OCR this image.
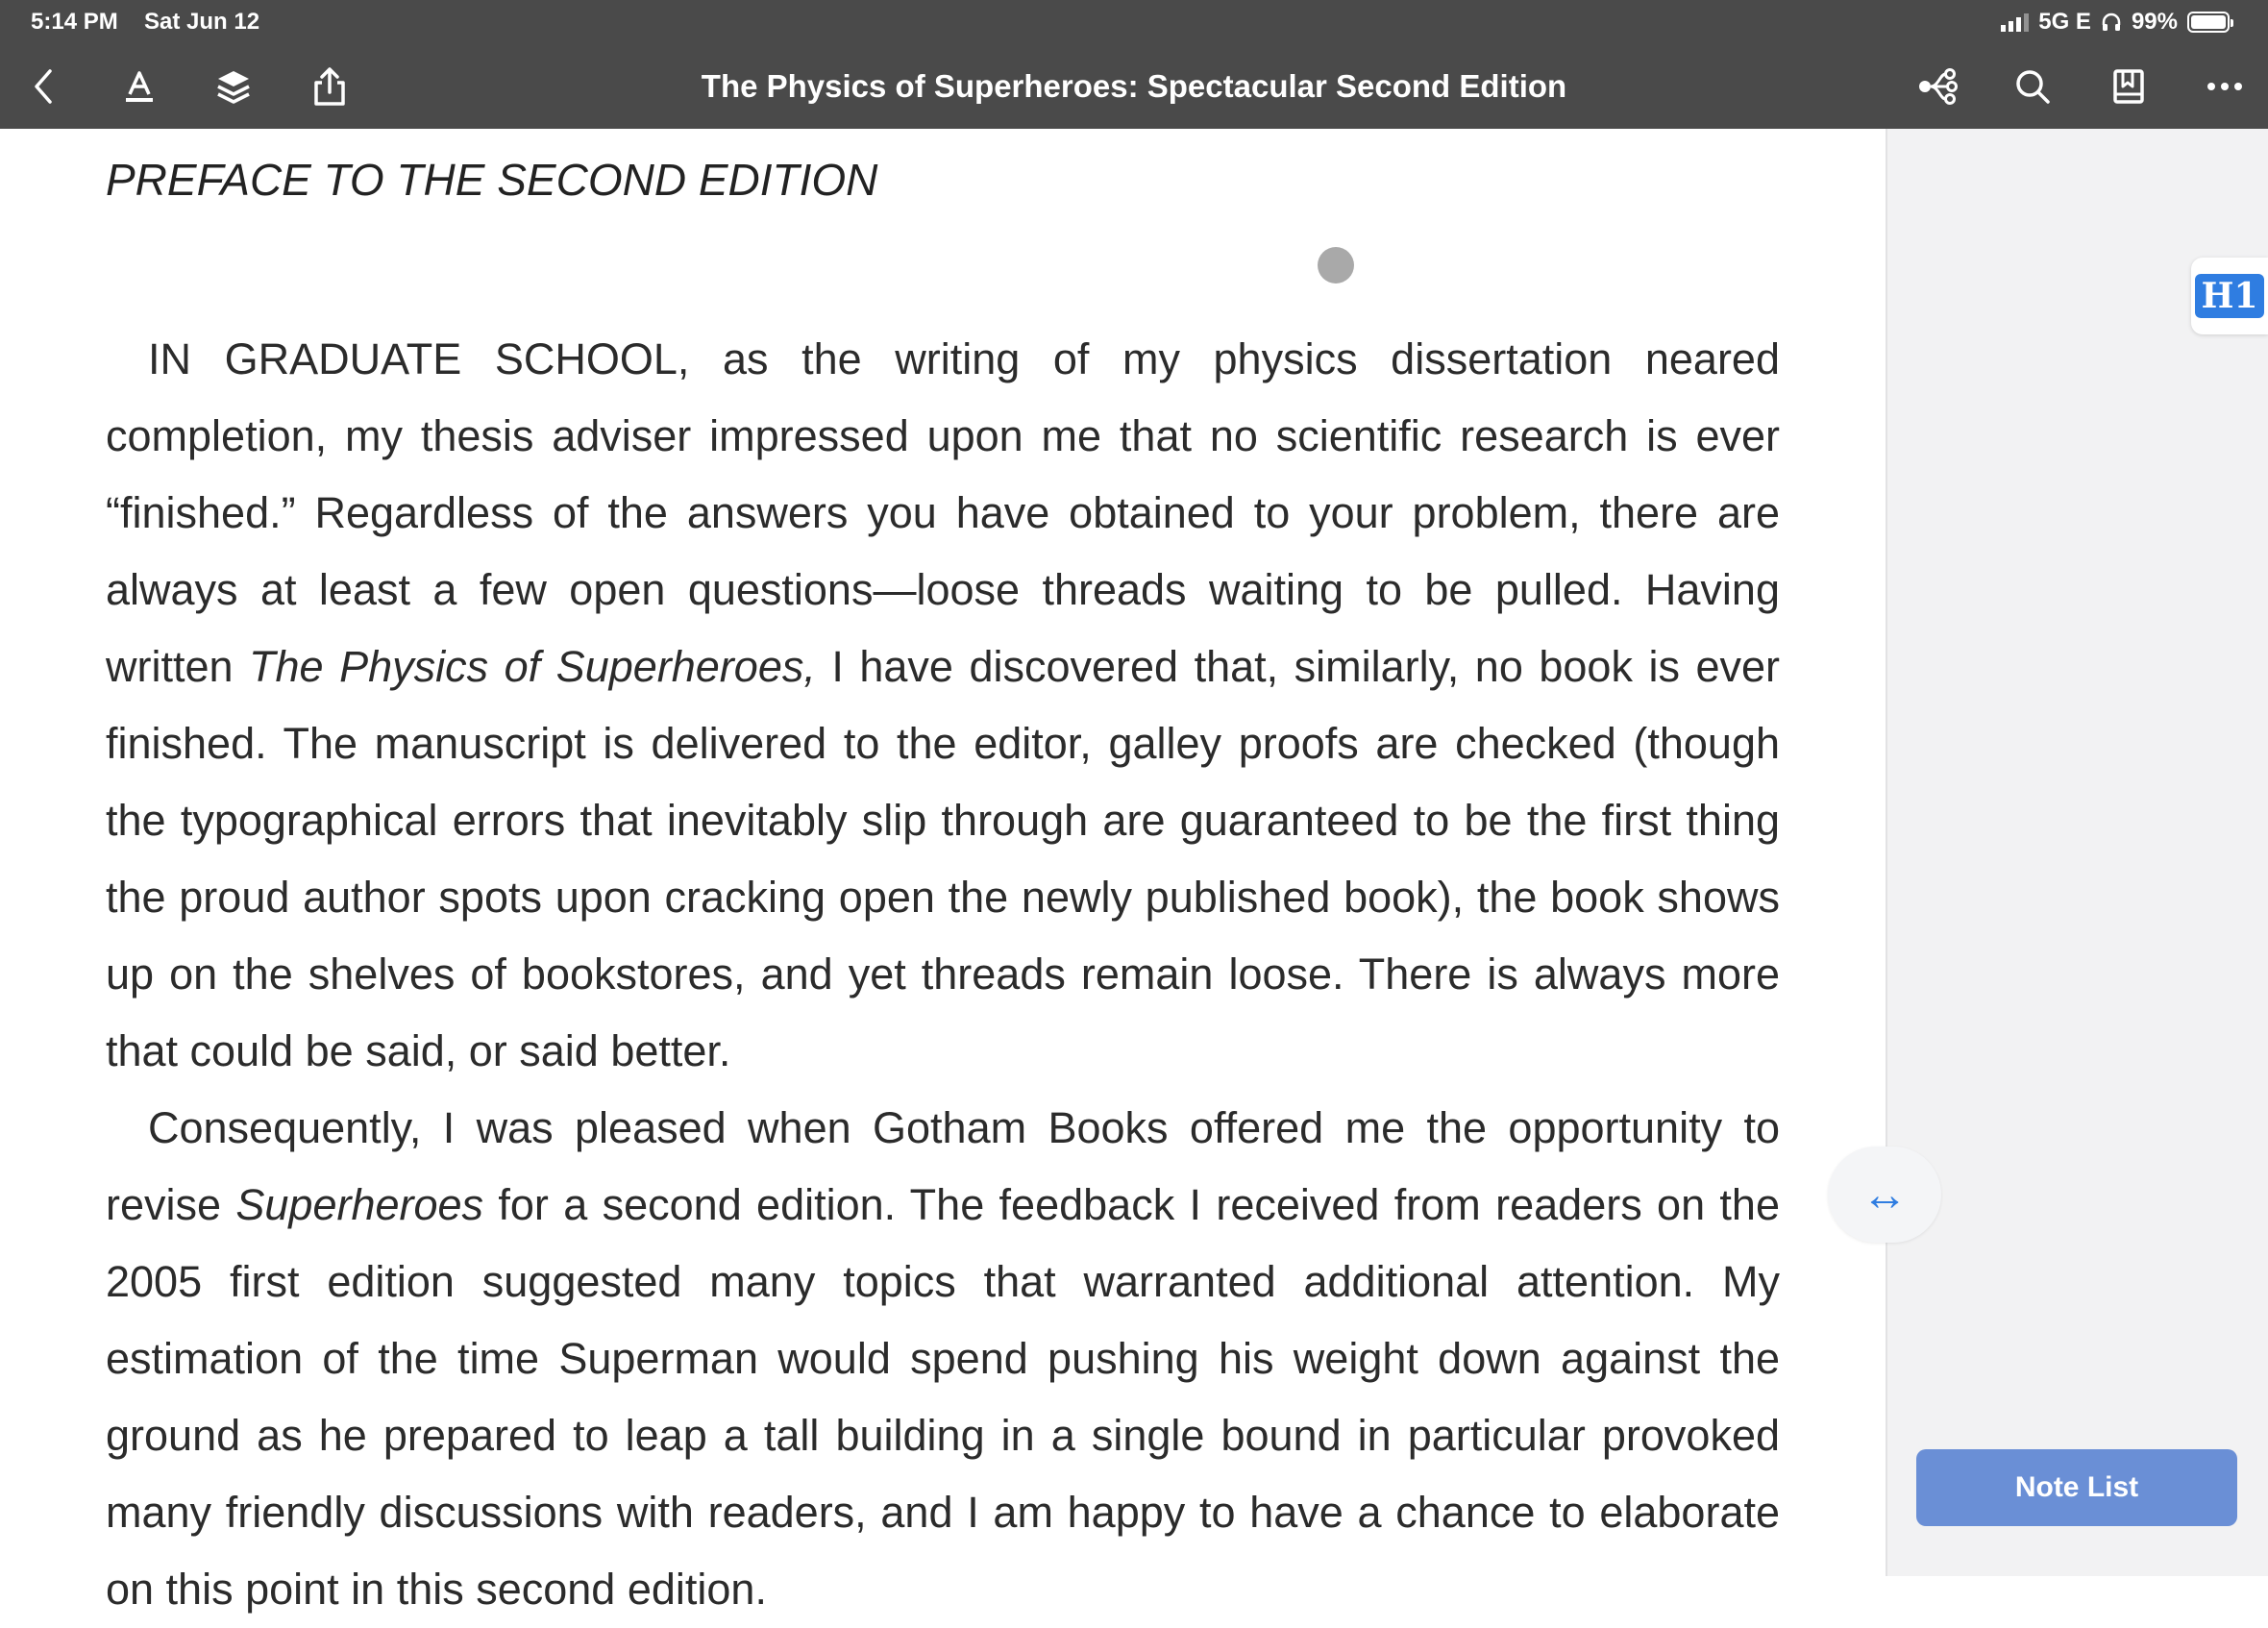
5:14 PM Sat Jun 12	5G E 99%
The Physics of Superheroes: Spectacular Second Edition
PREFACE TO THE SECOND EDITION

IN GRADUATE SCHOOL, as the writing of my physics dissertation neared completion, my thesis adviser impressed upon me that no scientific research is ever “finished.” Regardless of the answers you have obtained to your problem, there are always at least a few open questions—loose threads waiting to be pulled. Having written The Physics of Superheroes, I have discovered that, similarly, no book is ever finished. The manuscript is delivered to the editor, galley proofs are checked (though the typographical errors that inevitably slip through are guaranteed to be the first thing the proud author spots upon cracking open the newly published book), the book shows up on the shelves of bookstores, and yet threads remain loose. There is always more that could be said, or said better.

Consequently, I was pleased when Gotham Books offered me the opportunity to revise Superheroes for a second edition. The feedback I received from readers on the 2005 first edition suggested many topics that warranted additional attention. My estimation of the time Superman would spend pushing his weight down against the ground as he prepared to leap a tall building in a single bound in particular provoked many friendly discussions with readers, and I am happy to have a chance to elaborate on this point in this second edition.

H1
↔
Note List
